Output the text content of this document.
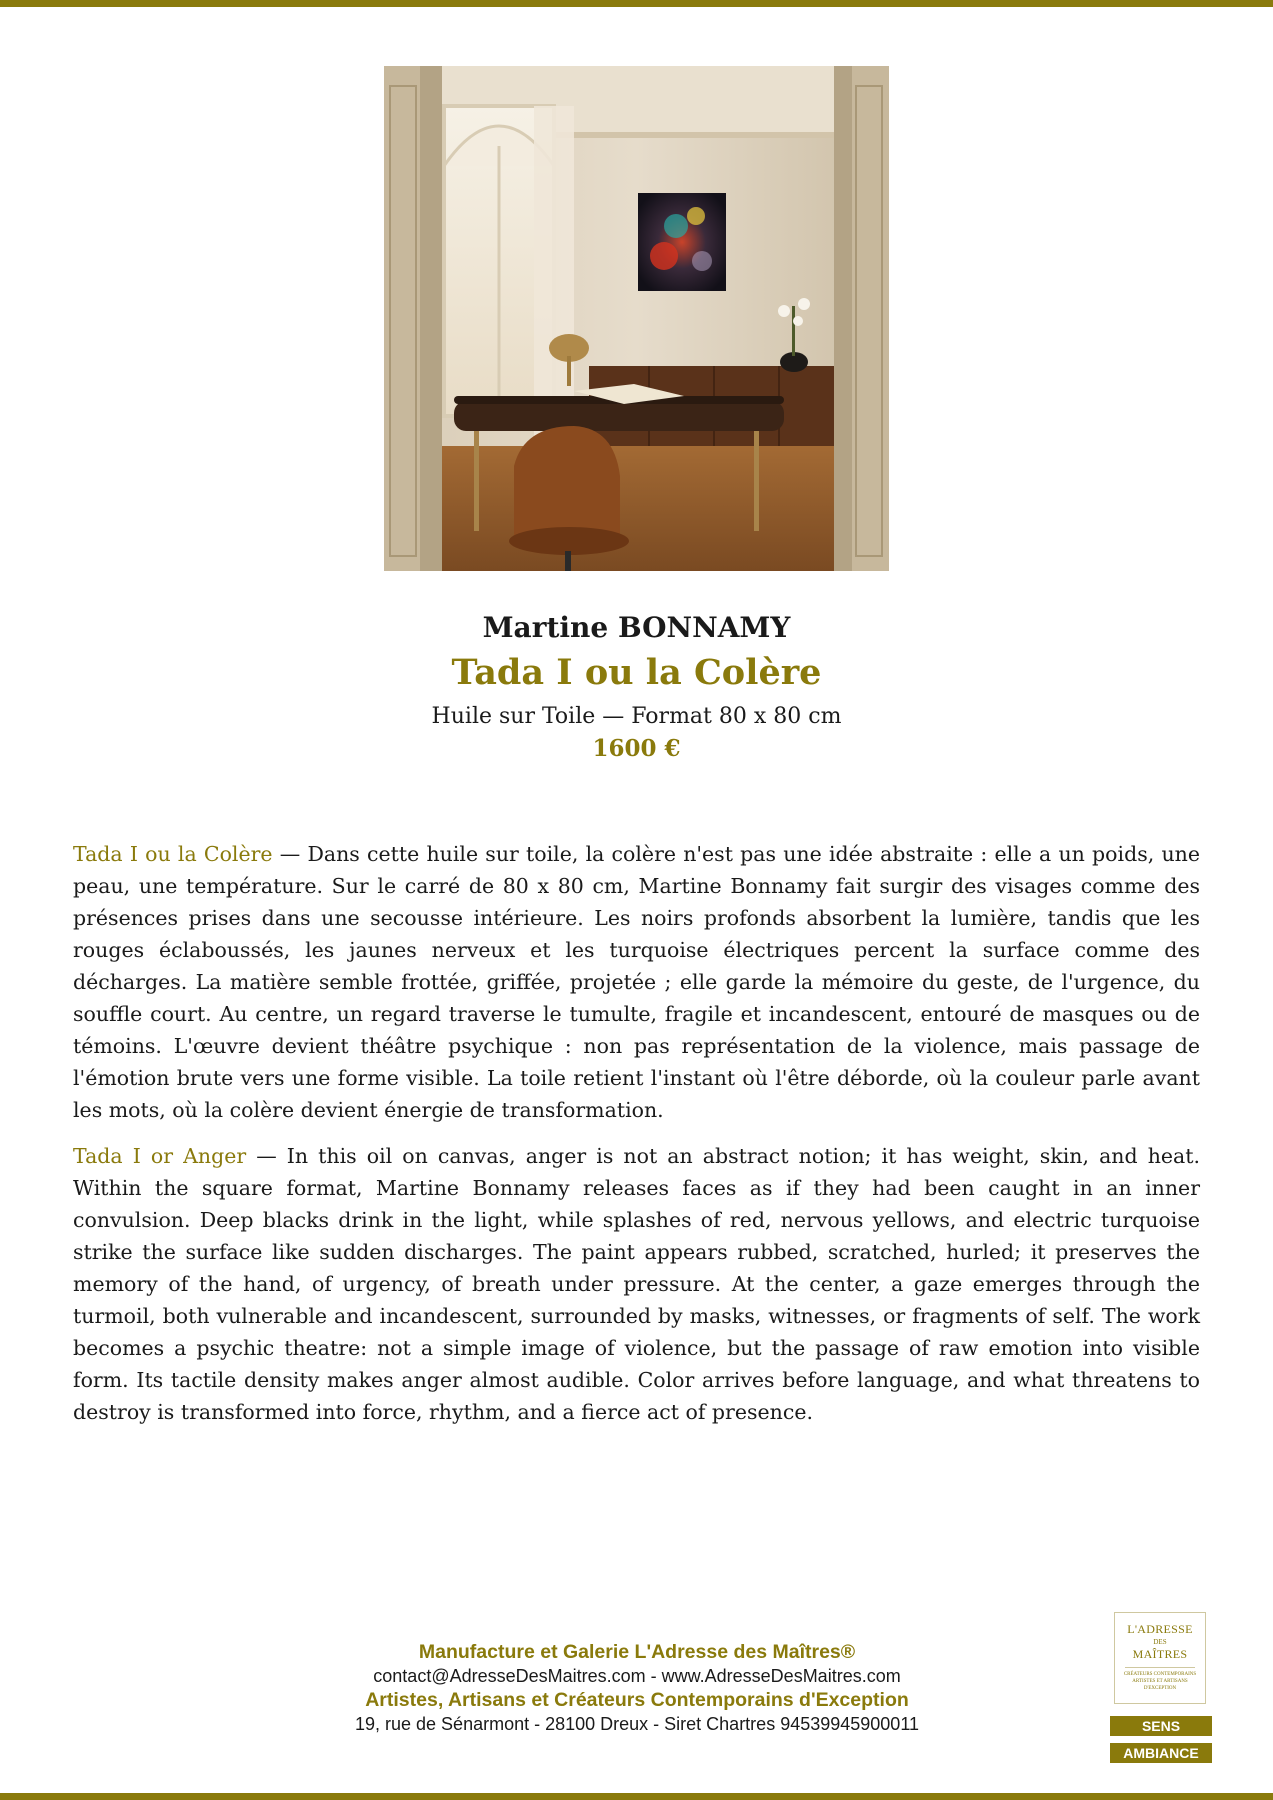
Martine BONNAMY
Tada I ou la Colère
Huile sur Toile — Format 80 x 80 cm
1600 €

Tada I ou la Colère — Dans cette huile sur toile, la colère n'est pas une idée abstraite : elle a un poids, une peau, une température. Sur le carré de 80 x 80 cm, Martine Bonnamy fait surgir des visages comme des présences prises dans une secousse intérieure. Les noirs profonds absorbent la lumière, tandis que les rouges éclaboussés, les jaunes nerveux et les turquoise électriques percent la surface comme des décharges. La matière semble frottée, griffée, projetée ; elle garde la mémoire du geste, de l'urgence, du souffle court. Au centre, un regard traverse le tumulte, fragile et incandescent, entouré de masques ou de témoins. L'œuvre devient théâtre psychique : non pas représentation de la violence, mais passage de l'émotion brute vers une forme visible. La toile retient l'instant où l'être déborde, où la couleur parle avant les mots, où la colère devient énergie de transformation.

Tada I or Anger — In this oil on canvas, anger is not an abstract notion; it has weight, skin, and heat. Within the square format, Martine Bonnamy releases faces as if they had been caught in an inner convulsion. Deep blacks drink in the light, while splashes of red, nervous yellows, and electric turquoise strike the surface like sudden discharges. The paint appears rubbed, scratched, hurled; it preserves the memory of the hand, of urgency, of breath under pressure. At the center, a gaze emerges through the turmoil, both vulnerable and incandescent, surrounded by masks, witnesses, or fragments of self. The work becomes a psychic theatre: not a simple image of violence, but the passage of raw emotion into visible form. Its tactile density makes anger almost audible. Color arrives before language, and what threatens to destroy is transformed into force, rhythm, and a fierce act of presence.

Manufacture et Galerie L'Adresse des Maîtres®
contact@AdresseDesMaitres.com - www.AdresseDesMaitres.com
Artistes, Artisans et Créateurs Contemporains d'Exception
19, rue de Sénarmont - 28100 Dreux - Siret Chartres 94539945900011
L'ADRESSE
DES
MAÎTRES
CRÉATEURS CONTEMPORAINS ARTISTES ET ARTISANS D'EXCEPTION
SENS
AMBIANCE
